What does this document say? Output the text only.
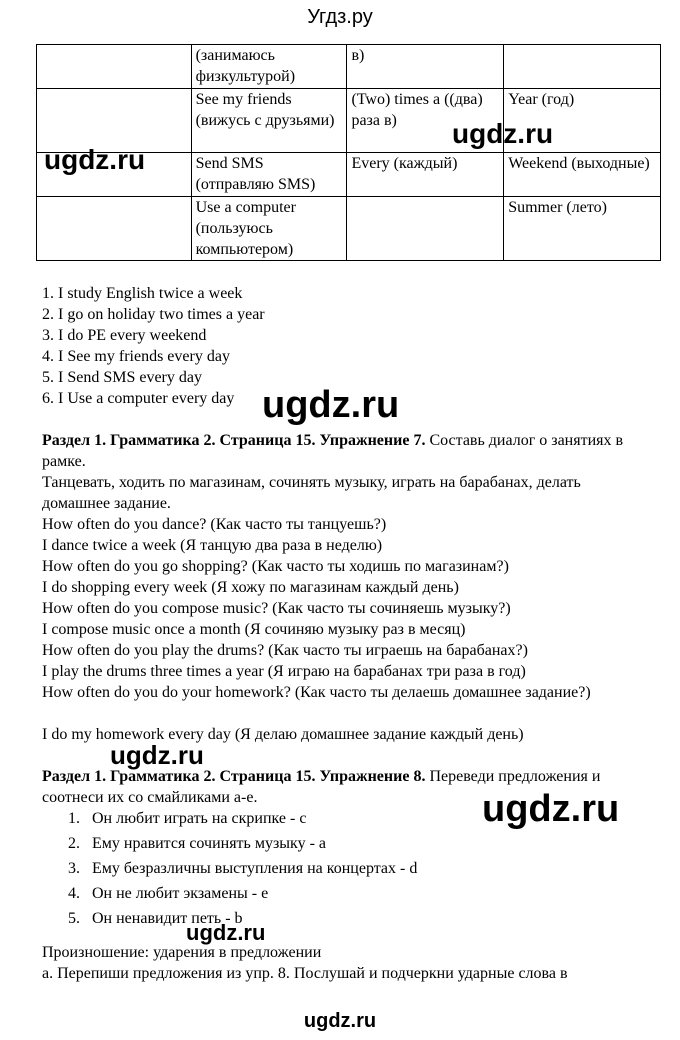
Угдз.ру
	(занимаюсь физкультурой)	в)	
	See my friends (вижусь с друзьями)	(Two) times a ((два) раза в)	Year (год)
	Send SMS (отправляю SMS)	Every (каждый)	Weekend (выходные)
	Use a computer (пользуюсь компьютером)		Summer (лето)
ugdz.ru
ugdz.ru
1. I study English twice a week
2. I go on holiday two times a year
3. I do PE every weekend
4. I See my friends every day
5. I Send SMS every day
6. I Use a computer every day ugdz.ru
Раздел 1. Грамматика 2. Страница 15. Упражнение 7. Составь диалог о занятиях в рамке.
Танцевать, ходить по магазинам, сочинять музыку, играть на барабанах, делать домашнее задание.
How often do you dance? (Как часто ты танцуешь?)
I dance twice a week (Я танцую два раза в неделю)
How often do you go shopping? (Как часто ты ходишь по магазинам?)
I do shopping every week (Я хожу по магазинам каждый день)
How often do you compose music? (Как часто ты сочиняешь музыку?)
I compose music once a month (Я сочиняю музыку раз в месяц)
How often do you play the drums? (Как часто ты играешь на барабанах?)
I play the drums three times a year (Я играю на барабанах три раза в год)
How often do you do your homework? (Как часто ты делаешь домашнее задание?)
I do my homework every day (Я делаю домашнее задание каждый день)
ugdz.ru
Раздел 1. Грамматика 2. Страница 15. Упражнение 8. Переведи предложения и соотнеси их со смайликами a-e.	ugdz.ru
1. Он любит играть на скрипке - c
2. Ему нравится сочинять музыку - a
3. Ему безразличны выступления на концертах - d
4. Он не любит экзамены - e
5. Он ненавидит петь - b
ugdz.ru
Произношение: ударения в предложении
a. Перепиши предложения из упр. 8. Послушай и подчеркни ударные слова в
ugdz.ru
